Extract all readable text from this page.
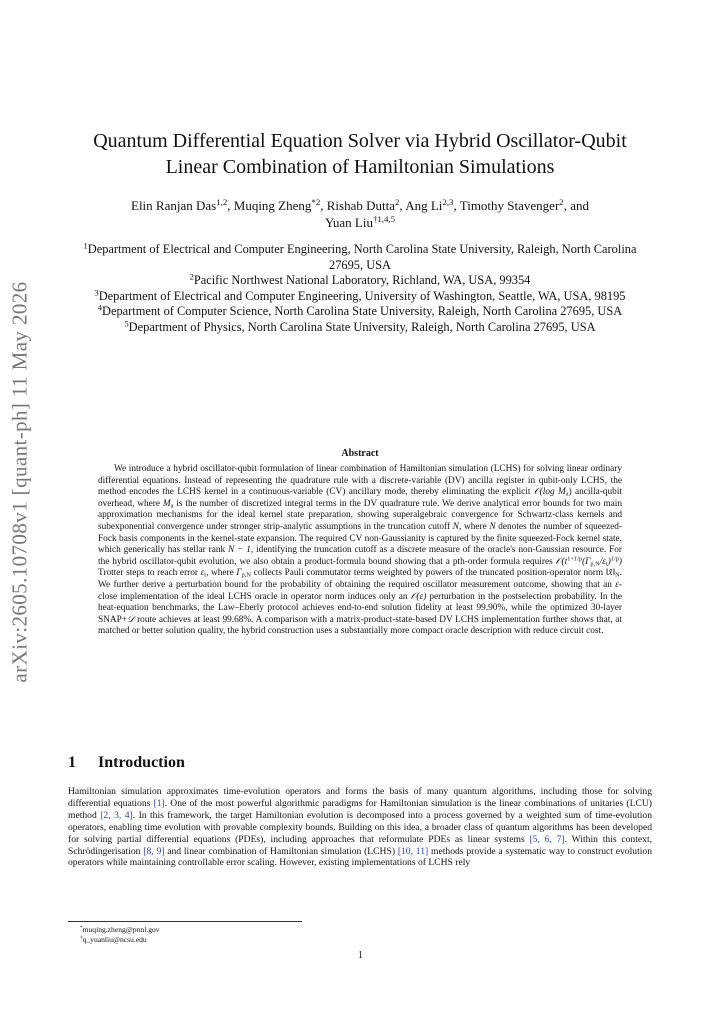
arXiv:2605.10708v1 [quant-ph] 11 May 2026
Quantum Differential Equation Solver via Hybrid Oscillator-Qubit
Linear Combination of Hamiltonian Simulations
Elin Ranjan Das$^{1,2}$, Muqing Zheng$^{*2}$, Rishab Dutta$^2$, Ang Li$^{2,3}$, Timothy Stavenger$^2$, and
Yuan Liu$^{\dagger 1,4,5}$
$^1$Department of Electrical and Computer Engineering, North Carolina State University, Raleigh, North Carolina 27695, USA
$^2$Pacific Northwest National Laboratory, Richland, WA, USA, 99354
$^3$Department of Electrical and Computer Engineering, University of Washington, Seattle, WA, USA, 98195
$^4$Department of Computer Science, North Carolina State University, Raleigh, North Carolina 27695, USA
$^5$Department of Physics, North Carolina State University, Raleigh, North Carolina 27695, USA
Abstract
We introduce a hybrid oscillator-qubit formulation of linear combination of Hamiltonian simulation (LCHS) for solving linear ordinary differential equations. Instead of representing the quadrature rule with a discrete-variable (DV) ancilla register in qubit-only LCHS, the method encodes the LCHS kernel in a continuous-variable (CV) ancillary mode, thereby eliminating the explicit 𝒪(log $M_a$) ancilla-qubit overhead, where $M_a$ is the number of discretized integral terms in the DV quadrature rule. We derive analytical error bounds for two main approximation mechanisms for the ideal kernel state preparation, showing superalgebraic convergence for Schwartz-class kernels and subexponential convergence under stronger strip-analytic assumptions in the truncation cutoff N, where N denotes the number of squeezed-Fock basis components in the kernel-state expansion. The required CV non-Gaussianity is captured by the finite squeezed-Fock kernel state, which generically has stellar rank N − 1, identifying the truncation cutoff as a discrete measure of the oracle's non-Gaussian resource. For the hybrid oscillator-qubit evolution, we also obtain a product-formula bound showing that a pth-order formula requires $𝒪(t^{1+1/p}(\Gamma_{p,N}/\varepsilon_t)^{1/p})$ Trotter steps to reach error $\varepsilon_t$, where $\Gamma_{p,N}$ collects Pauli commutator terms weighted by powers of the truncated position-operator norm $‖x̂‖_N$. We further derive a perturbation bound for the probability of obtaining the required oscillator measurement outcome, showing that an ε-close implementation of the ideal LCHS oracle in operator norm induces only an 𝒪(ε) perturbation in the postselection probability. In the heat-equation benchmarks, the Law–Eberly protocol achieves end-to-end solution fidelity at least 99.90%, while the optimized 30-layer SNAP+𝒟 route achieves at least 99.68%. A comparison with a matrix-product-state-based DV LCHS implementation further shows that, at matched or better solution quality, the hybrid construction uses a substantially more compact oracle description with reduce circuit cost.
1 Introduction
Hamiltonian simulation approximates time-evolution operators and forms the basis of many quantum algorithms, including those for solving differential equations [1]. One of the most powerful algorithmic paradigms for Hamiltonian simulation is the linear combinations of unitaries (LCU) method [2, 3, 4]. In this framework, the target Hamiltonian evolution is decomposed into a process governed by a weighted sum of time-evolution operators, enabling time evolution with provable complexity bounds. Building on this idea, a broader class of quantum algorithms has been developed for solving partial differential equations (PDEs), including approaches that reformulate PDEs as linear systems [5, 6, 7]. Within this context, Schrödingerisation [8, 9] and linear combination of Hamiltonian simulation (LCHS) [10, 11] methods provide a systematic way to construct evolution operators while maintaining controllable error scaling. However, existing implementations of LCHS rely
*muqing.zheng@pnnl.gov
†q_yuanliu@ncsu.edu
1
